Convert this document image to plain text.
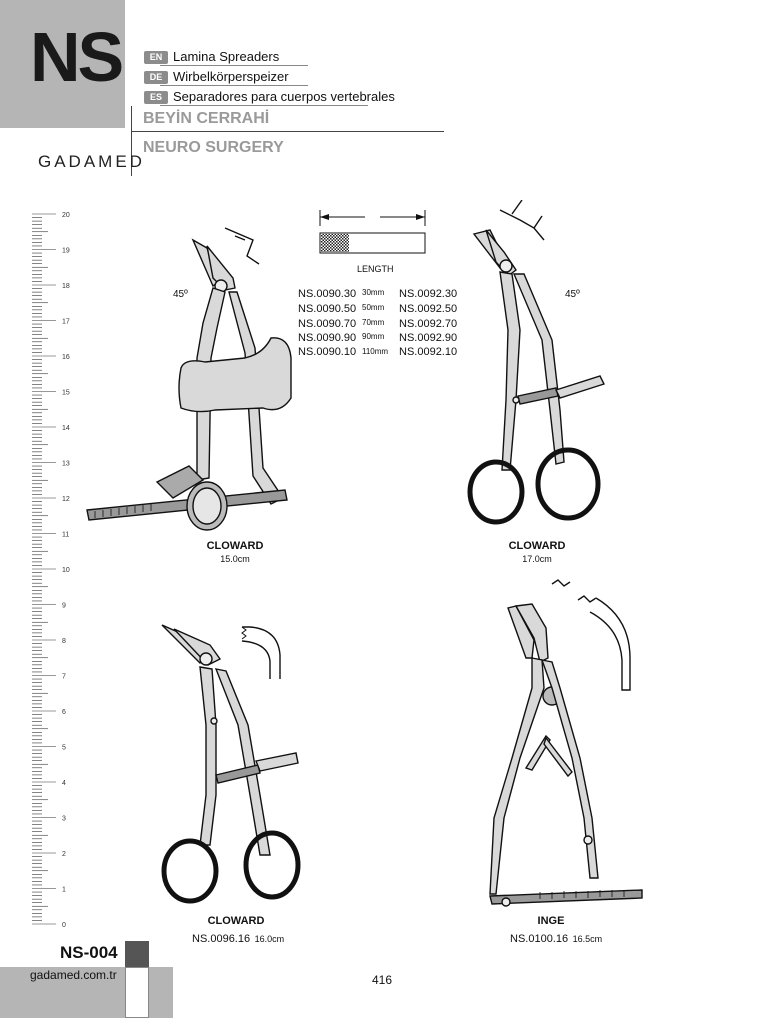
NS	EN Lamina Spreaders
DE Wirbelkörperspeizer
ES Separadores para cuerpos vertebrales
BEYİN CERRAHİ
NEURO SURGERY
GADAMED
20
19
18
17
16
15
14
13
12
11
10
9
8
7
6
5
4
3
2
1
0
LENGTH
NS.0090.30 30mm NS.0092.30
NS.0090.50 50mm NS.0092.50
NS.0090.70 70mm NS.0092.70
NS.0090.90 90mm NS.0092.90
NS.0090.10 110mm NS.0092.10
45º
CLOWARD
15.0cm
45º
CLOWARD
17.0cm
CLOWARD
NS.0096.16 16.0cm
INGE
NS.0100.16 16.5cm
NS-004
gadamed.com.tr	416
